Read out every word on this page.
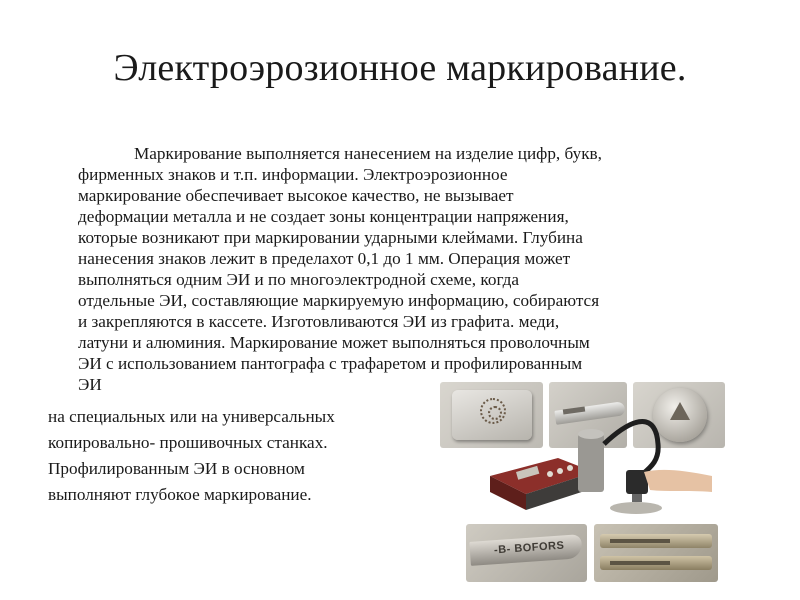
Электроэрозионное маркирование.
Маркирование выполняется нанесением на изделие цифр, букв,
фирменных знаков и т.п. информации. Электроэрозионное
маркирование обеспечивает высокое качество, не вызывает
деформации металла и не создает зоны концентрации напряжения,
которые возникают при маркировании ударными клеймами. Глубина
нанесения знаков лежит в пределахот 0,1 до 1 мм. Операция может
выполняться одним ЭИ и по многоэлектродной схеме, когда
отдельные ЭИ, составляющие маркируемую информацию, собираются
и закрепляются в кассете. Изготовливаются ЭИ из графита. меди,
латуни и алюминия. Маркирование может выполняться проволочным
ЭИ с использованием пантографа с трафаретом и профилированным
ЭИ
на специальных или на универсальных
копировально- прошивочных станках.
Профилированным ЭИ в основном
выполняют глубокое маркирование.
-B- BOFORS
